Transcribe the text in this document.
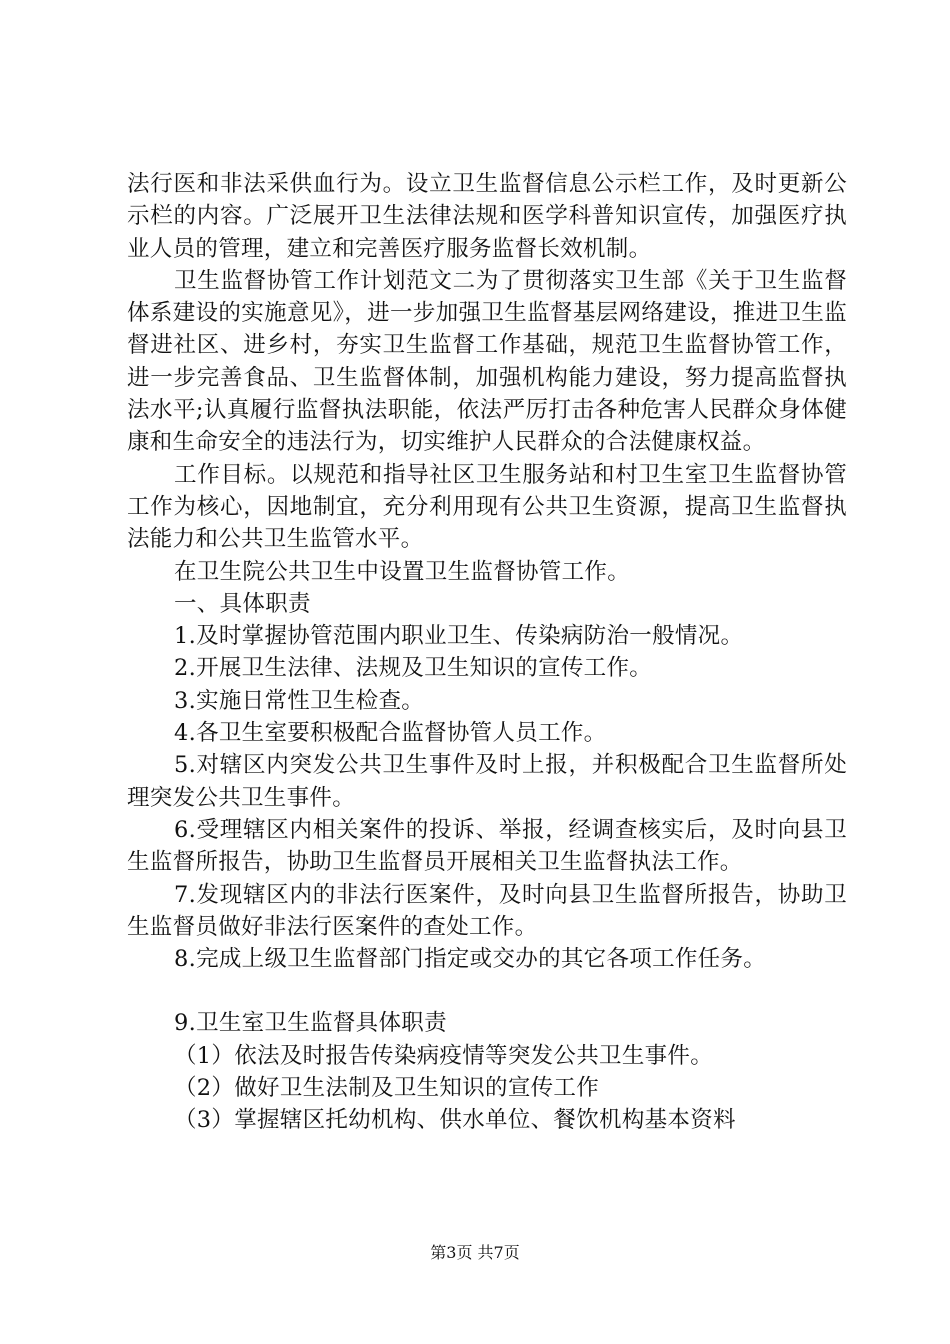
法行医和非法采供血行为。设立卫生监督信息公示栏工作，及时更新公示栏的内容。广泛展开卫生法律法规和医学科普知识宣传，加强医疗执业人员的管理，建立和完善医疗服务监督长效机制。

卫生监督协管工作计划范文二为了贯彻落实卫生部《关于卫生监督体系建设的实施意见》，进一步加强卫生监督基层网络建设，推进卫生监督进社区、进乡村，夯实卫生监督工作基础，规范卫生监督协管工作，进一步完善食品、卫生监督体制，加强机构能力建设，努力提高监督执法水平;认真履行监督执法职能，依法严厉打击各种危害人民群众身体健康和生命安全的违法行为，切实维护人民群众的合法健康权益。

工作目标。以规范和指导社区卫生服务站和村卫生室卫生监督协管工作为核心，因地制宜，充分利用现有公共卫生资源，提高卫生监督执法能力和公共卫生监管水平。

在卫生院公共卫生中设置卫生监督协管工作。

一、具体职责

1.及时掌握协管范围内职业卫生、传染病防治一般情况。

2.开展卫生法律、法规及卫生知识的宣传工作。

3.实施日常性卫生检查。

4.各卫生室要积极配合监督协管人员工作。

5.对辖区内突发公共卫生事件及时上报，并积极配合卫生监督所处理突发公共卫生事件。

6.受理辖区内相关案件的投诉、举报，经调查核实后，及时向县卫生监督所报告，协助卫生监督员开展相关卫生监督执法工作。

7.发现辖区内的非法行医案件，及时向县卫生监督所报告，协助卫生监督员做好非法行医案件的查处工作。

8.完成上级卫生监督部门指定或交办的其它各项工作任务。

9.卫生室卫生监督具体职责

（1）依法及时报告传染病疫情等突发公共卫生事件。

（2）做好卫生法制及卫生知识的宣传工作

（3）掌握辖区托幼机构、供水单位、餐饮机构基本资料

第3页 共7页
